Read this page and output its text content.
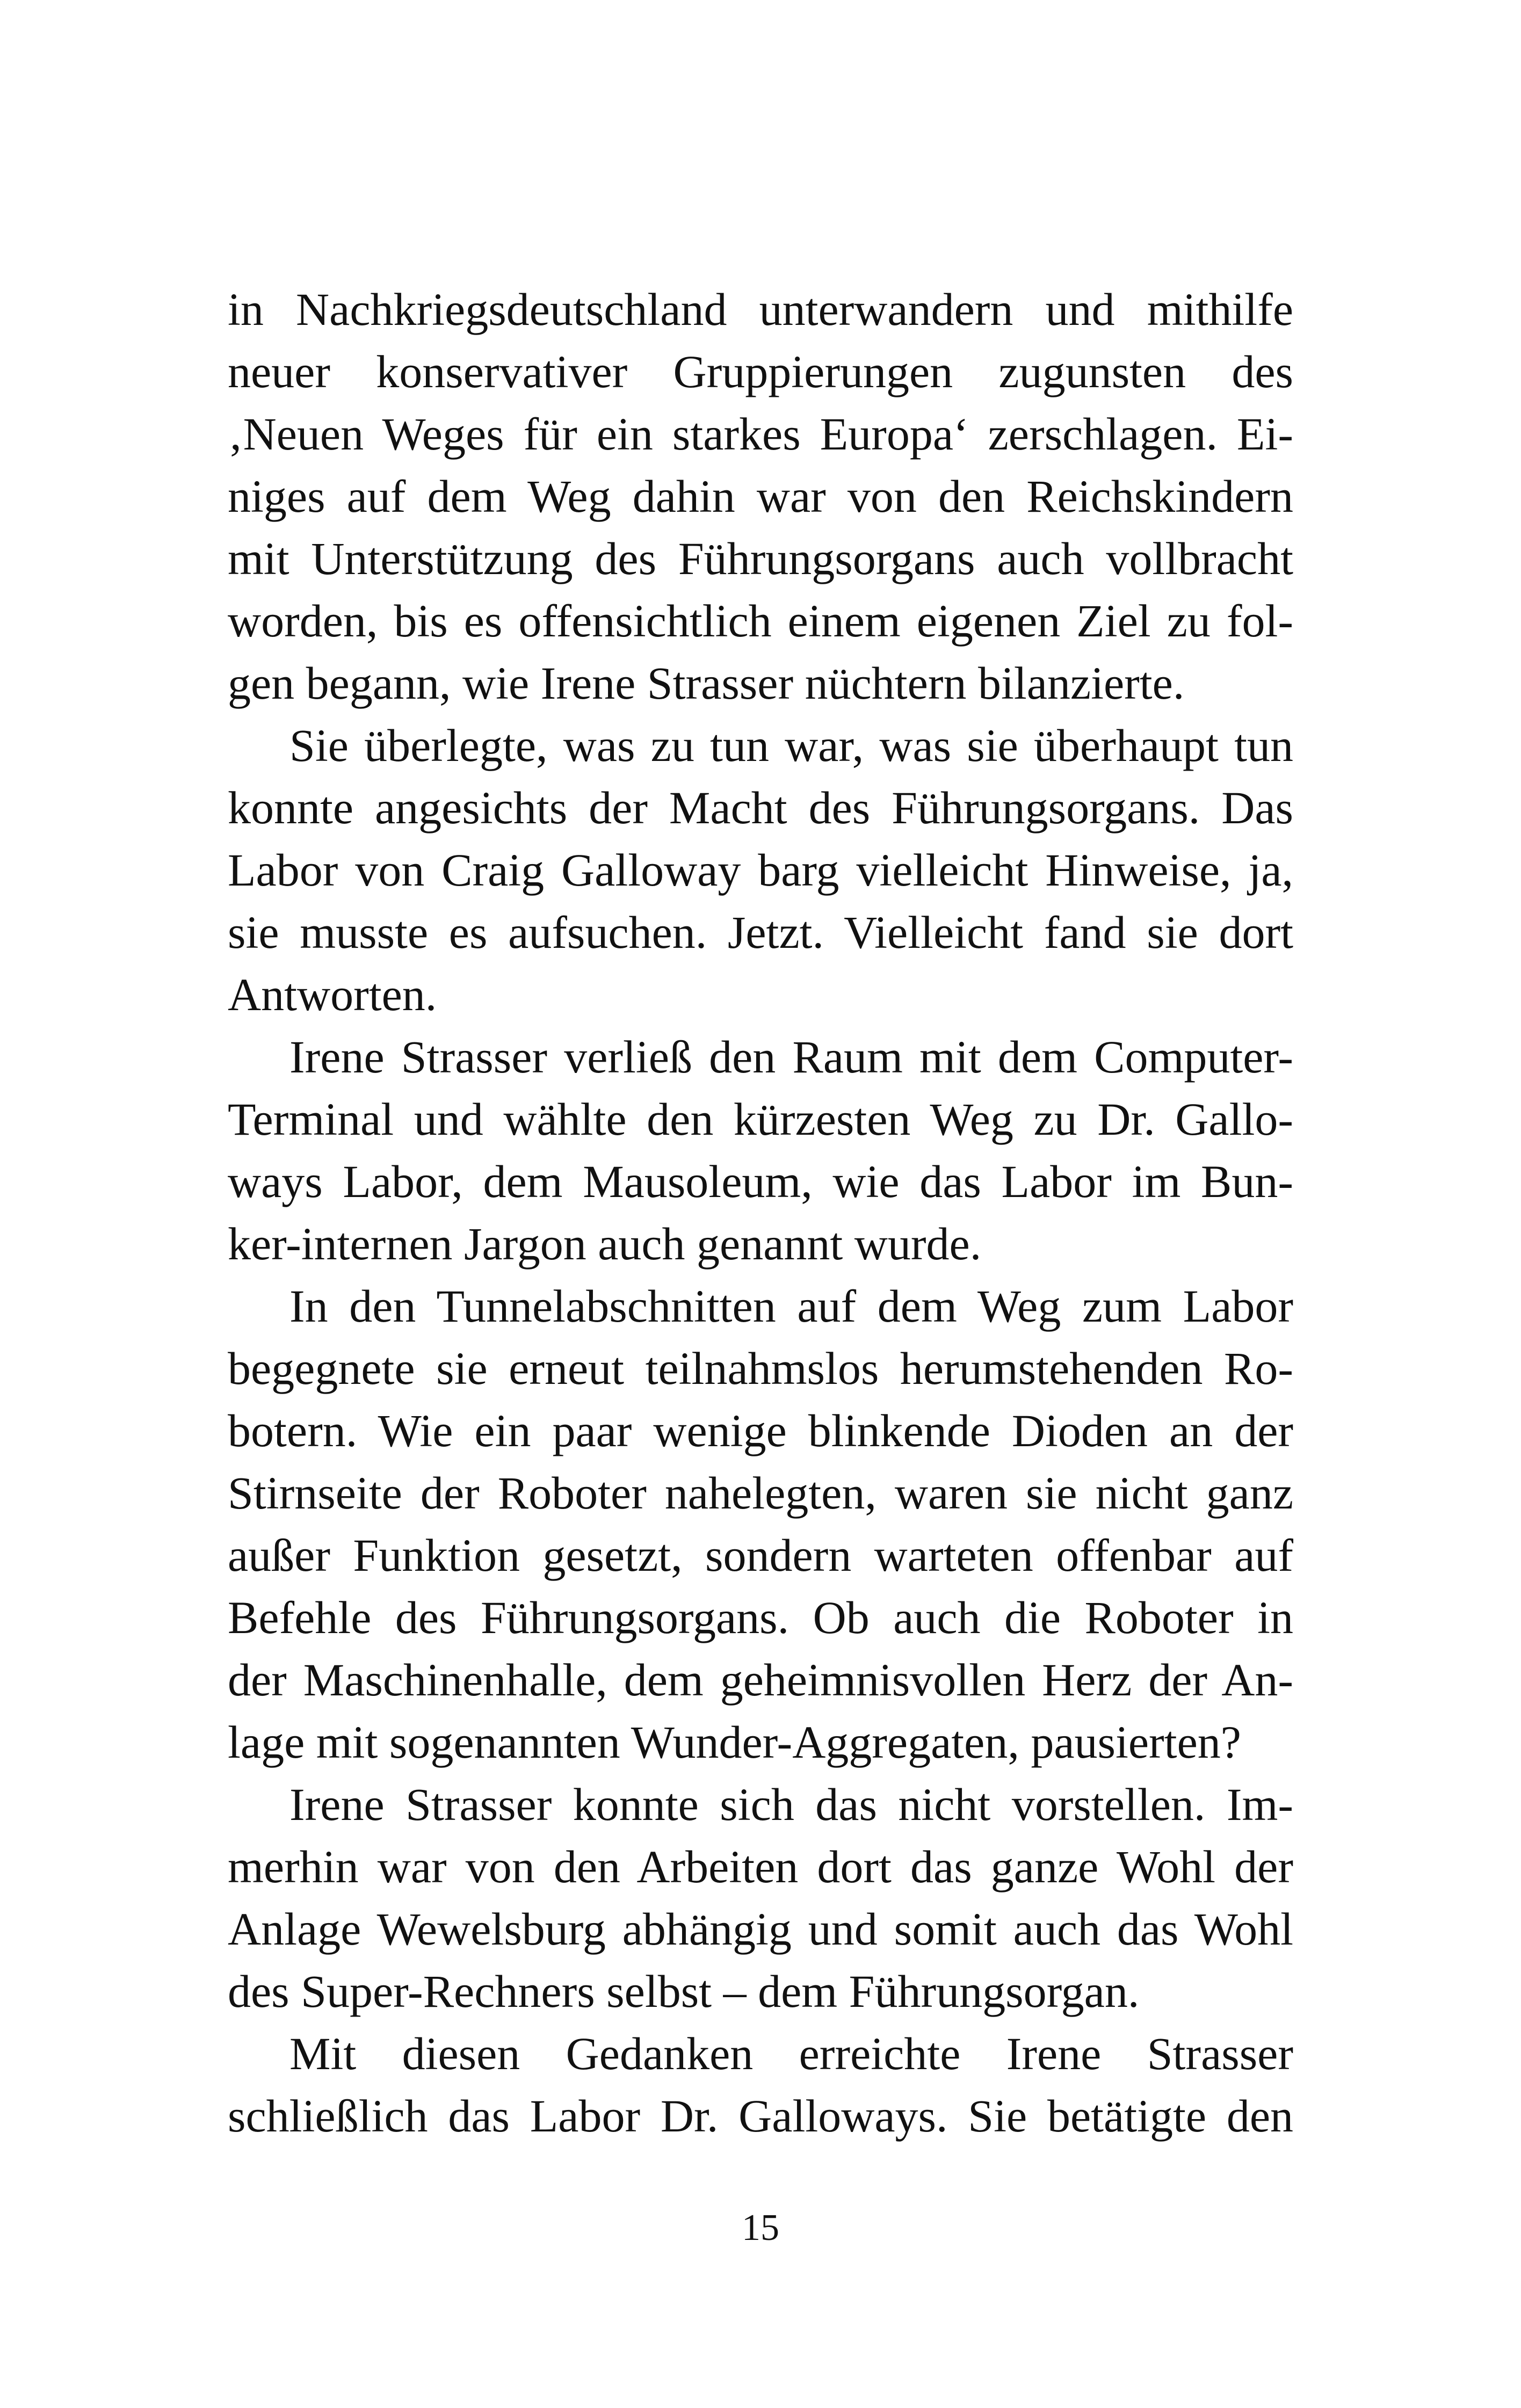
in Nachkriegsdeutschland unterwandern und mithilfe
neuer konservativer Gruppierungen zugunsten des
‚Neuen Weges für ein starkes Europa‘ zerschlagen. Ei-
niges auf dem Weg dahin war von den Reichskindern
mit Unterstützung des Führungsorgans auch vollbracht
worden, bis es offensichtlich einem eigenen Ziel zu fol-
gen begann, wie Irene Strasser nüchtern bilanzierte.
Sie überlegte, was zu tun war, was sie überhaupt tun
konnte angesichts der Macht des Führungsorgans. Das
Labor von Craig Galloway barg vielleicht Hinweise, ja,
sie musste es aufsuchen. Jetzt. Vielleicht fand sie dort
Antworten.
Irene Strasser verließ den Raum mit dem Computer-
Terminal und wählte den kürzesten Weg zu Dr. Gallo-
ways Labor, dem Mausoleum, wie das Labor im Bun-
ker-internen Jargon auch genannt wurde.
In den Tunnelabschnitten auf dem Weg zum Labor
begegnete sie erneut teilnahmslos herumstehenden Ro-
botern. Wie ein paar wenige blinkende Dioden an der
Stirnseite der Roboter nahelegten, waren sie nicht ganz
außer Funktion gesetzt, sondern warteten offenbar auf
Befehle des Führungsorgans. Ob auch die Roboter in
der Maschinenhalle, dem geheimnisvollen Herz der An-
lage mit sogenannten Wunder-Aggregaten, pausierten?
Irene Strasser konnte sich das nicht vorstellen. Im-
merhin war von den Arbeiten dort das ganze Wohl der
Anlage Wewelsburg abhängig und somit auch das Wohl
des Super-Rechners selbst – dem Führungsorgan.
Mit diesen Gedanken erreichte Irene Strasser
schließlich das Labor Dr. Galloways. Sie betätigte den
15
